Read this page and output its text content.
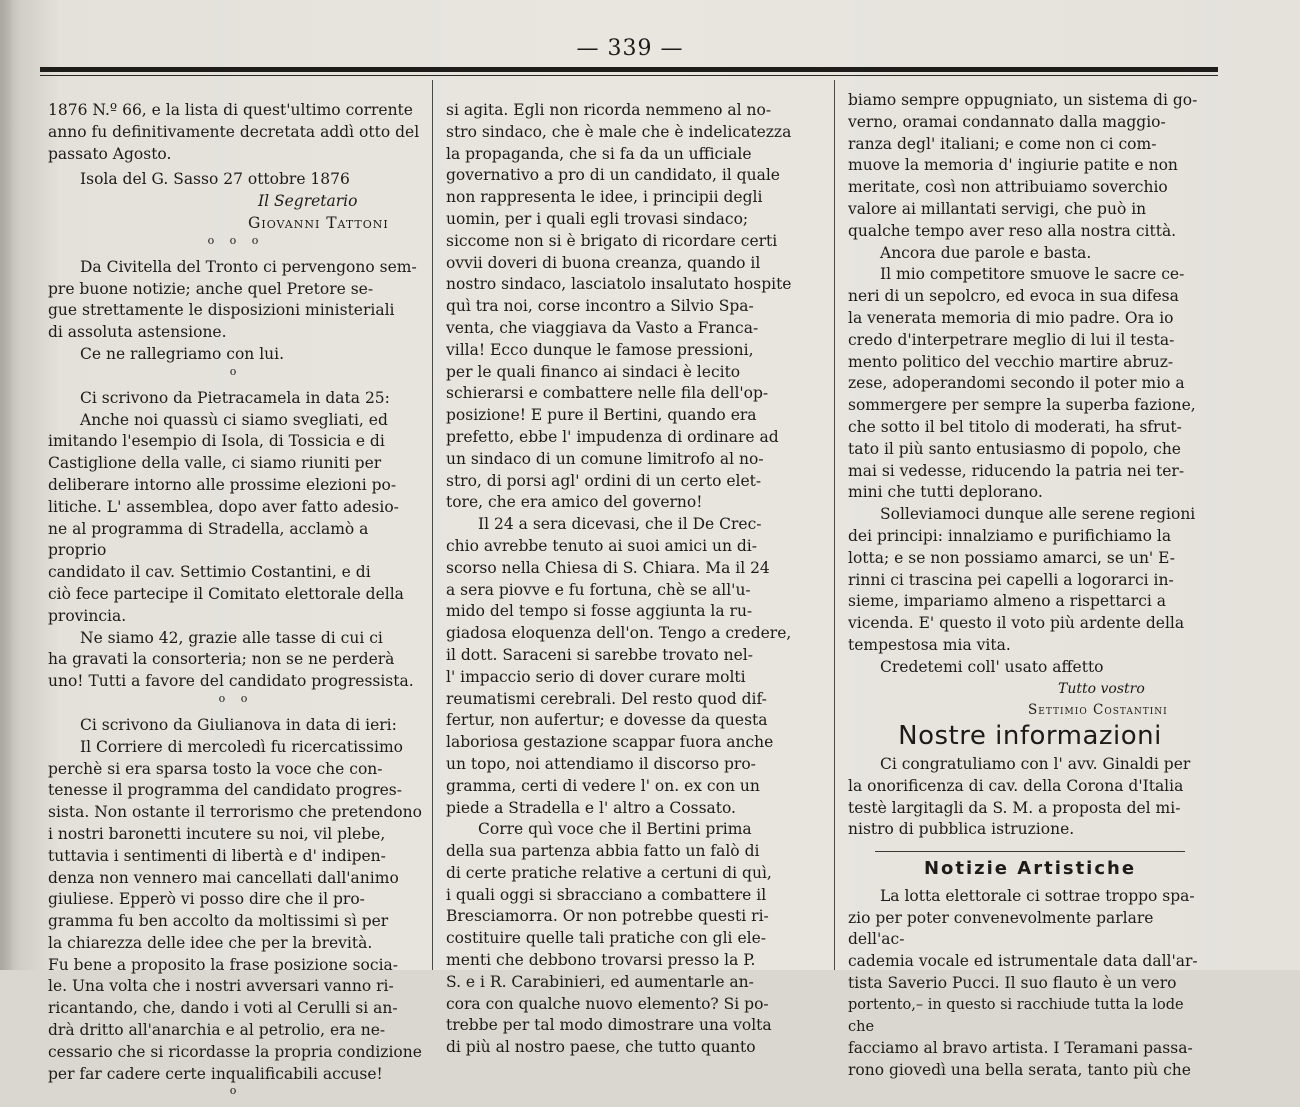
— 339 —

1876 N.º 66, e la lista di quest'ultimo corrente

anno fu definitivamente decretata addì otto del

passato Agosto.

Isola del G. Sasso 27 ottobre 1876

Il Segretario

Giovanni Tattoni

o o o

Da Civitella del Tronto ci pervengono sem-

pre buone notizie; anche quel Pretore se-

gue strettamente le disposizioni ministeriali

di assoluta astensione.

Ce ne rallegriamo con lui.

o

Ci scrivono da Pietracamela in data 25:

Anche noi quassù ci siamo svegliati, ed

imitando l'esempio di Isola, di Tossicia e di

Castiglione della valle, ci siamo riuniti per

deliberare intorno alle prossime elezioni po-

litiche. L' assemblea, dopo aver fatto adesio-

ne al programma di Stradella, acclamò a proprio

candidato il cav. Settimio Costantini, e di

ciò fece partecipe il Comitato elettorale della

provincia.

Ne siamo 42, grazie alle tasse di cui ci

ha gravati la consorteria; non se ne perderà

uno! Tutti a favore del candidato progressista.

o o

Ci scrivono da Giulianova in data di ieri:

Il Corriere di mercoledì fu ricercatissimo

perchè si era sparsa tosto la voce che con-

tenesse il programma del candidato progres-

sista. Non ostante il terrorismo che pretendono

i nostri baronetti incutere su noi, vil plebe,

tuttavia i sentimenti di libertà e d' indipen-

denza non vennero mai cancellati dall'animo

giuliese. Epperò vi posso dire che il pro-

gramma fu ben accolto da moltissimi sì per

la chiarezza delle idee che per la brevità.

Fu bene a proposito la frase posizione socia-

le. Una volta che i nostri avversari vanno ri-

ricantando, che, dando i voti al Cerulli si an-

drà dritto all'anarchia e al petrolio, era ne-

cessario che si ricordasse la propria condizione

per far cadere certe inqualificabili accuse!

o

si agita. Egli non ricorda nemmeno al no-

stro sindaco, che è male che è indelicatezza

la propaganda, che si fa da un ufficiale

governativo a pro di un candidato, il quale

non rappresenta le idee, i principii degli

uomin, per i quali egli trovasi sindaco;

siccome non si è brigato di ricordare certi

ovvii doveri di buona creanza, quando il

nostro sindaco, lasciatolo insalutato hospite

quì tra noi, corse incontro a Silvio Spa-

venta, che viaggiava da Vasto a Franca-

villa! Ecco dunque le famose pressioni,

per le quali financo ai sindaci è lecito

schierarsi e combattere nelle fila dell'op-

posizione! E pure il Bertini, quando era

prefetto, ebbe l' impudenza di ordinare ad

un sindaco di un comune limitrofo al no-

stro, di porsi agl' ordini di un certo elet-

tore, che era amico del governo!

Il 24 a sera dicevasi, che il De Crec-

chio avrebbe tenuto ai suoi amici un di-

scorso nella Chiesa di S. Chiara. Ma il 24

a sera piovve e fu fortuna, chè se all'u-

mido del tempo si fosse aggiunta la ru-

giadosa eloquenza dell'on. Tengo a credere,

il dott. Saraceni si sarebbe trovato nel-

l' impaccio serio di dover curare molti

reumatismi cerebrali. Del resto quod dif-

fertur, non aufertur; e dovesse da questa

laboriosa gestazione scappar fuora anche

un topo, noi attendiamo il discorso pro-

gramma, certi di vedere l' on. ex con un

piede a Stradella e l' altro a Cossato.

Corre quì voce che il Bertini prima

della sua partenza abbia fatto un falò di

di certe pratiche relative a certuni di quì,

i quali oggi si sbracciano a combattere il

Bresciamorra. Or non potrebbe questi ri-

costituire quelle tali pratiche con gli ele-

menti che debbono trovarsi presso la P.

S. e i R. Carabinieri, ed aumentarle an-

cora con qualche nuovo elemento? Si po-

trebbe per tal modo dimostrare una volta

di più al nostro paese, che tutto quanto

biamo sempre oppugniato, un sistema di go-

verno, oramai condannato dalla maggio-

ranza degl' italiani; e come non ci com-

muove la memoria d' ingiurie patite e non

meritate, così non attribuiamo soverchio

valore ai millantati servigi, che può in

qualche tempo aver reso alla nostra città.

Ancora due parole e basta.

Il mio competitore smuove le sacre ce-

neri di un sepolcro, ed evoca in sua difesa

la venerata memoria di mio padre. Ora io

credo d'interpetrare meglio di lui il testa-

mento politico del vecchio martire abruz-

zese, adoperandomi secondo il poter mio a

sommergere per sempre la superba fazione,

che sotto il bel titolo di moderati, ha sfrut-

tato il più santo entusiasmo di popolo, che

mai si vedesse, riducendo la patria nei ter-

mini che tutti deplorano.

Solleviamoci dunque alle serene regioni

dei principi: innalziamo e purifichiamo la

lotta; e se non possiamo amarci, se un' E-

rinni ci trascina pei capelli a logorarci in-

sieme, impariamo almeno a rispettarci a

vicenda. E' questo il voto più ardente della

tempestosa mia vita.

Credetemi coll' usato affetto

Tutto vostro

Settimio Costantini

Nostre informazioni

Ci congratuliamo con l' avv. Ginaldi per

la onorificenza di cav. della Corona d'Italia

testè largitagli da S. M. a proposta del mi-

nistro di pubblica istruzione.

Notizie Artistiche

La lotta elettorale ci sottrae troppo spa-

zio per poter convenevolmente parlare dell'ac-

cademia vocale ed istrumentale data dall'ar-

tista Saverio Pucci. Il suo flauto è un vero

portento,– in questo si racchiude tutta la lode che

facciamo al bravo artista. I Teramani passa-

rono giovedì una bella serata, tanto più che
